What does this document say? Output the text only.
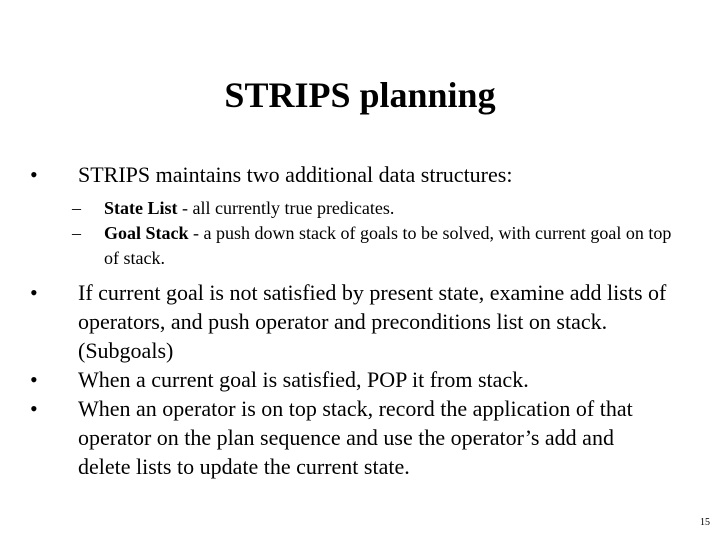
STRIPS planning
•	STRIPS maintains two additional data structures:
– State List - all currently true predicates.
– Goal Stack - a push down stack of goals to be solved, with current goal on top of stack.
•	If current goal is not satisfied by present state, examine add lists of operators, and push operator and preconditions list on stack. (Subgoals)
•	When a current goal is satisfied, POP it from stack.
•	When an operator is on top stack, record the application of that operator on the plan sequence and use the operator’s add and delete lists to update the current state.
15
